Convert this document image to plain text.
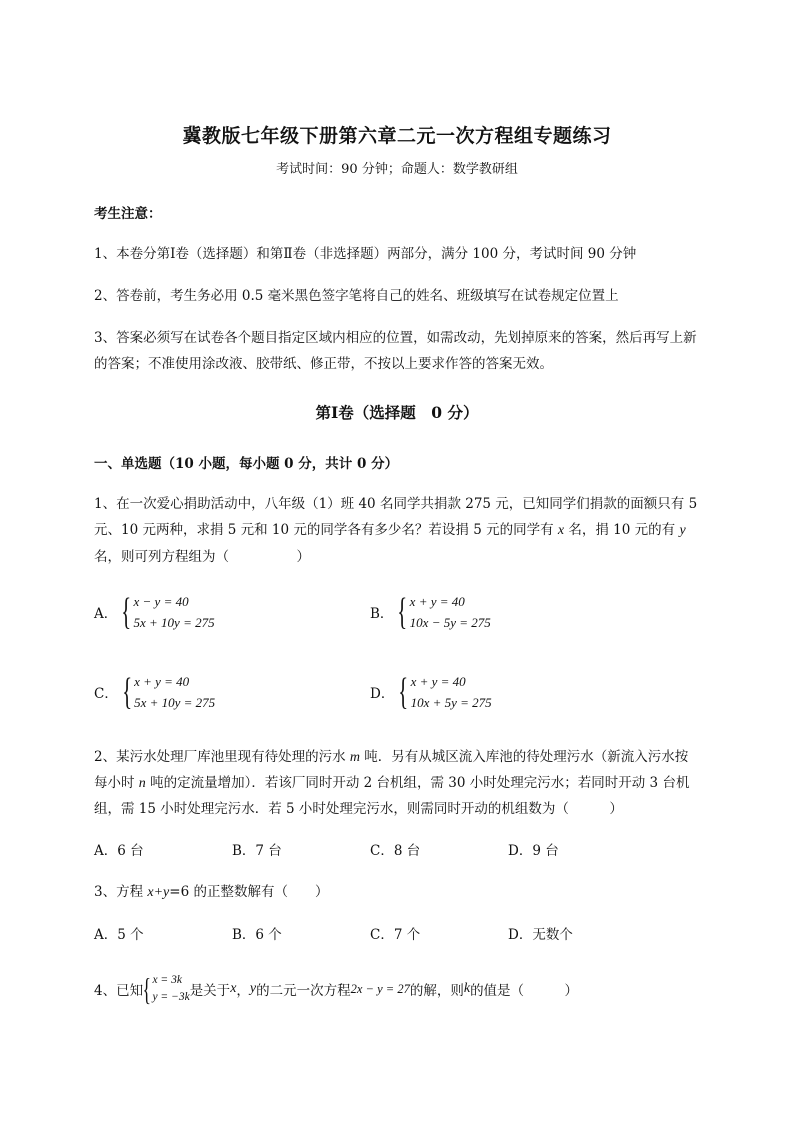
冀教版七年级下册第六章二元一次方程组专题练习
考试时间：90 分钟；命题人：数学教研组
考生注意：
1、本卷分第Ⅰ卷（选择题）和第Ⅱ卷（非选择题）两部分，满分 100 分，考试时间 90 分钟
2、答卷前，考生务必用 0.5 毫米黑色签字笔将自己的姓名、班级填写在试卷规定位置上
3、答案必须写在试卷各个题目指定区域内相应的位置，如需改动，先划掉原来的答案，然后再写上新
的答案；不准使用涂改液、胶带纸、修正带，不按以上要求作答的答案无效。
第Ⅰ卷（选择题　0 分）
一、单选题（10 小题，每小题 0 分，共计 0 分）
1、在一次爱心捐助活动中，八年级（1）班 40 名同学共捐款 275 元，已知同学们捐款的面额只有 5
元、10 元两种，求捐 5 元和 10 元的同学各有多少名？若设捐 5 元的同学有 x 名，捐 10 元的有 y
名，则可列方程组为（　　　　　）
A． { x − y = 40
5x + 10y = 275
B． { x + y = 40
10x − 5y = 275
C． { x + y = 40
5x + 10y = 275
D． { x + y = 40
10x + 5y = 275
2、某污水处理厂库池里现有待处理的污水 m 吨．另有从城区流入库池的待处理污水（新流入污水按
每小时 n 吨的定流量增加）．若该厂同时开动 2 台机组，需 30 小时处理完污水；若同时开动 3 台机
组，需 15 小时处理完污水．若 5 小时处理完污水，则需同时开动的机组数为（　　　）
A．6 台	B．7 台	C．8 台	D．9 台
3、方程 x+y=6 的正整数解有（　　）
A．5 个	B．6 个	C．7 个	D．无数个
4、已知 { x = 3k
y = −3k 是关于 x ， y 的二元一次方程 2x − y = 27 的解，则 k 的值是（　　　）
